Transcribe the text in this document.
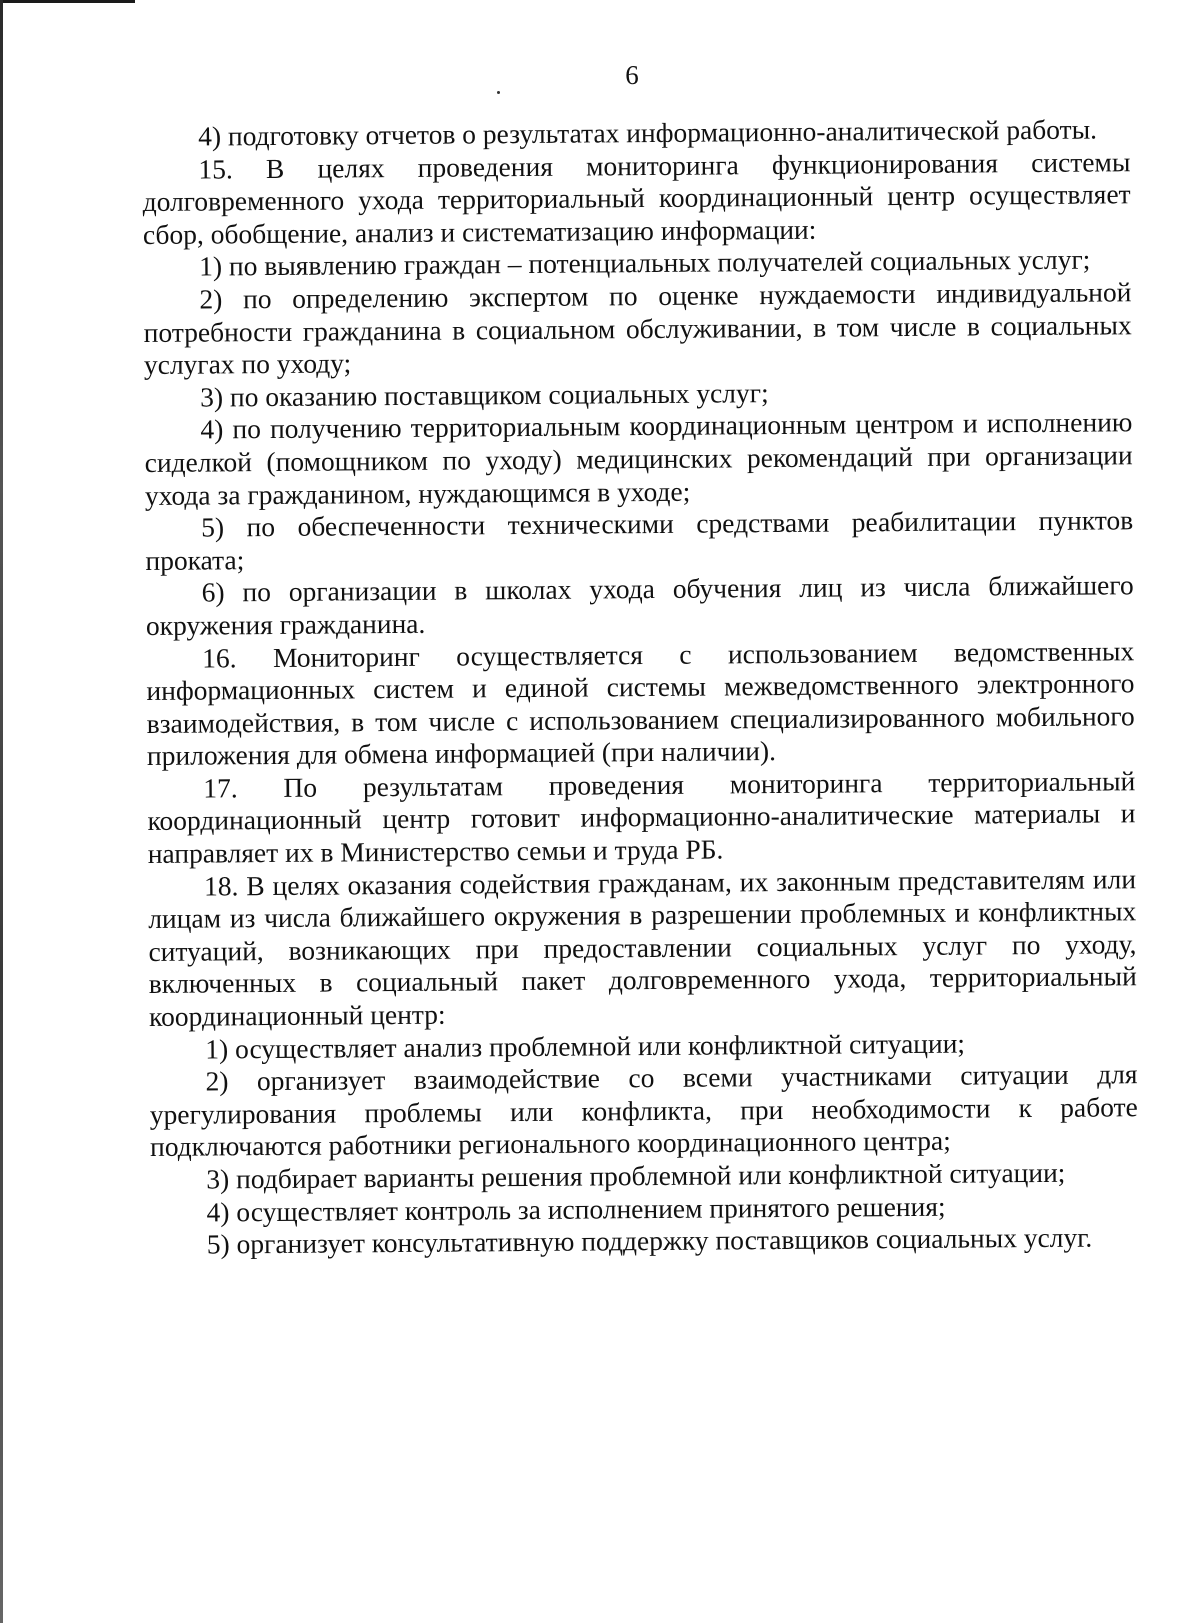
6

4) подготовку отчетов о результатах информационно-аналитической работы.

15. В целях проведения мониторинга функционирования системы долговременного ухода территориальный координационный центр осуществляет сбор, обобщение, анализ и систематизацию информации:

1) по выявлению граждан – потенциальных получателей социальных услуг;

2) по определению экспертом по оценке нуждаемости индивидуальной потребности гражданина в социальном обслуживании, в том числе в социальных услугах по уходу;

3) по оказанию поставщиком социальных услуг;

4) по получению территориальным координационным центром и исполнению сиделкой (помощником по уходу) медицинских рекомендаций при организации ухода за гражданином, нуждающимся в уходе;

5) по обеспеченности техническими средствами реабилитации пунктов проката;

6) по организации в школах ухода обучения лиц из числа ближайшего окружения гражданина.

16. Мониторинг осуществляется с использованием ведомственных информационных систем и единой системы межведомственного электронного взаимодействия, в том числе с использованием специализированного мобильного приложения для обмена информацией (при наличии).

17. По результатам проведения мониторинга территориальный координационный центр готовит информационно-аналитические материалы и направляет их в Министерство семьи и труда РБ.

18. В целях оказания содействия гражданам, их законным представителям или лицам из числа ближайшего окружения в разрешении проблемных и конфликтных ситуаций, возникающих при предоставлении социальных услуг по уходу, включенных в социальный пакет долговременного ухода, территориальный координационный центр:

1) осуществляет анализ проблемной или конфликтной ситуации;

2) организует взаимодействие со всеми участниками ситуации для урегулирования проблемы или конфликта, при необходимости к работе подключаются работники регионального координационного центра;

3) подбирает варианты решения проблемной или конфликтной ситуации;

4) осуществляет контроль за исполнением принятого решения;

5) организует консультативную поддержку поставщиков социальных услуг.
